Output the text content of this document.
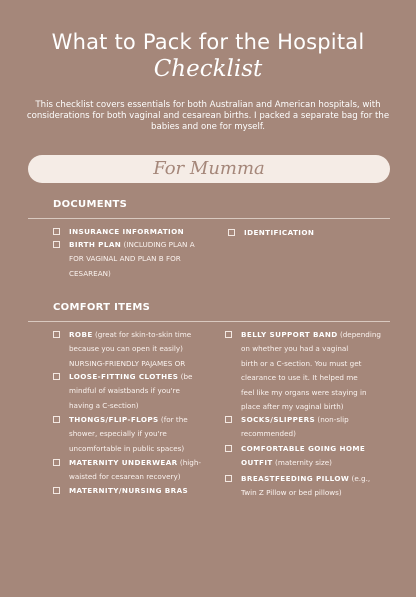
What to Pack for the Hospital
Checklist
This checklist covers essentials for both Australian and American hospitals, with considerations for both vaginal and cesarean births. I packed a separate bag for the babies and one for myself.
For Mumma
DOCUMENTS
INSURANCE INFORMATION
BIRTH PLAN (INCLUDING PLAN A
FOR VAGINAL AND PLAN B FOR
CESAREAN)
IDENTIFICATION
COMFORT ITEMS
ROBE (great for skin-to-skin time
because you can open it easily)
NURSING-FRIENDLY PAJAMES OR
LOOSE-FITTING CLOTHES (be
mindful of waistbands if you're
having a C-section)
THONGS/FLIP-FLOPS (for the
shower, especially if you're
uncomfortable in public spaces)
MATERNITY UNDERWEAR (high-
waisted for cesarean recovery)
MATERNITY/NURSING BRAS
BELLY SUPPORT BAND (depending
on whether you had a vaginal
birth or a C-section. You must get
clearance to use it. It helped me
feel like my organs were staying in
place after my vaginal birth)
SOCKS/SLIPPERS (non-slip
recommended)
COMFORTABLE GOING HOME
OUTFIT (maternity size)
BREASTFEEDING PILLOW (e.g.,
Twin Z Pillow or bed pillows)
